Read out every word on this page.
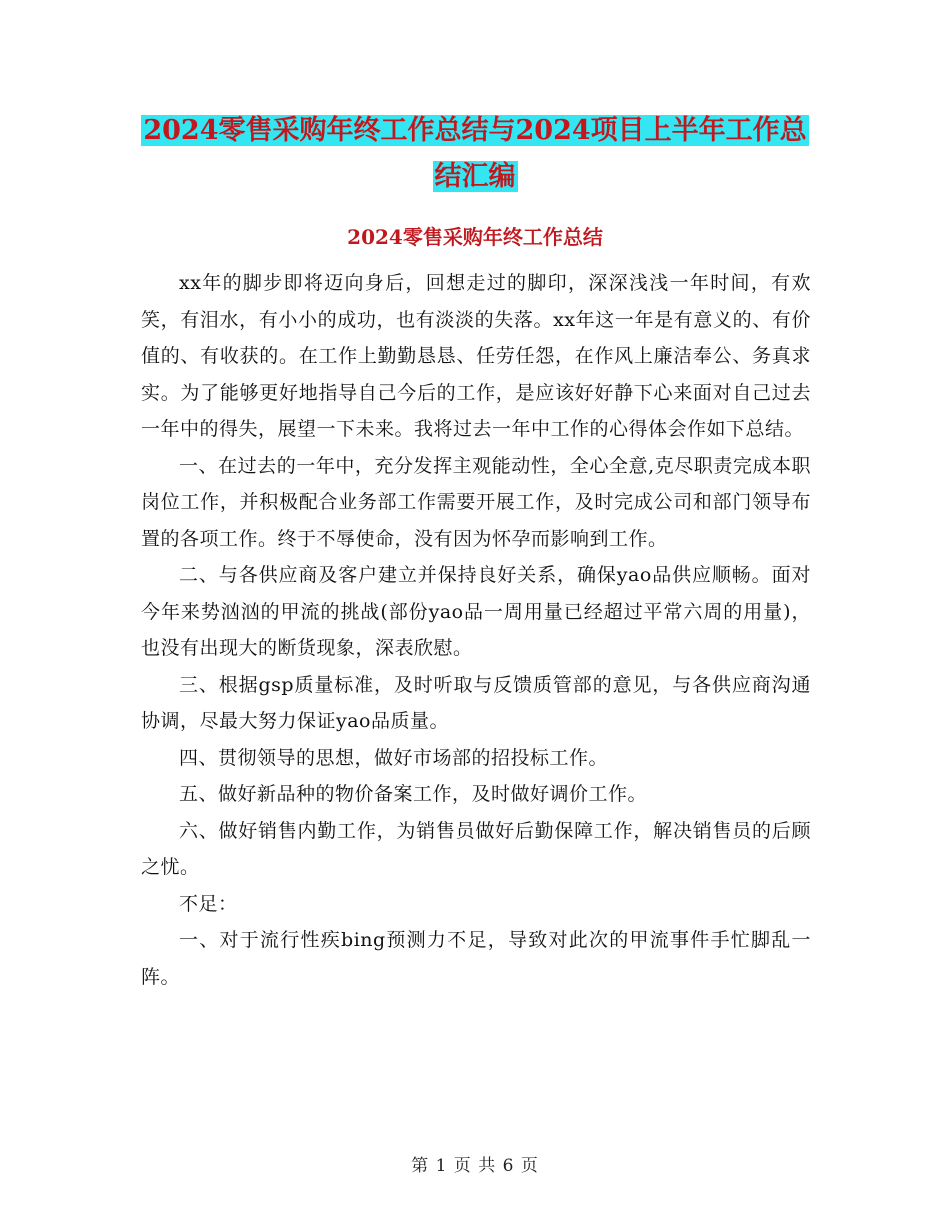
2024零售采购年终工作总结与2024项目上半年工作总
结汇编
2024零售采购年终工作总结

xx年的脚步即将迈向身后，回想走过的脚印，深深浅浅一年时间，有欢笑，有泪水，有小小的成功，也有淡淡的失落。xx年这一年是有意义的、有价值的、有收获的。在工作上勤勤恳恳、任劳任怨，在作风上廉洁奉公、务真求实。为了能够更好地指导自己今后的工作，是应该好好静下心来面对自己过去一年中的得失，展望一下未来。我将过去一年中工作的心得体会作如下总结。

一、在过去的一年中，充分发挥主观能动性，全心全意,克尽职责完成本职岗位工作，并积极配合业务部工作需要开展工作，及时完成公司和部门领导布置的各项工作。终于不辱使命，没有因为怀孕而影响到工作。

二、与各供应商及客户建立并保持良好关系，确保yao品供应顺畅。面对今年来势汹汹的甲流的挑战(部份yao品一周用量已经超过平常六周的用量)，也没有出现大的断货现象，深表欣慰。

三、根据gsp质量标准，及时听取与反馈质管部的意见，与各供应商沟通协调，尽最大努力保证yao品质量。

四、贯彻领导的思想，做好市场部的招投标工作。

五、做好新品种的物价备案工作，及时做好调价工作。

六、做好销售内勤工作，为销售员做好后勤保障工作，解决销售员的后顾之忧。

不足：

一、对于流行性疾bing预测力不足，导致对此次的甲流事件手忙脚乱一阵。

第 1 页 共 6 页
